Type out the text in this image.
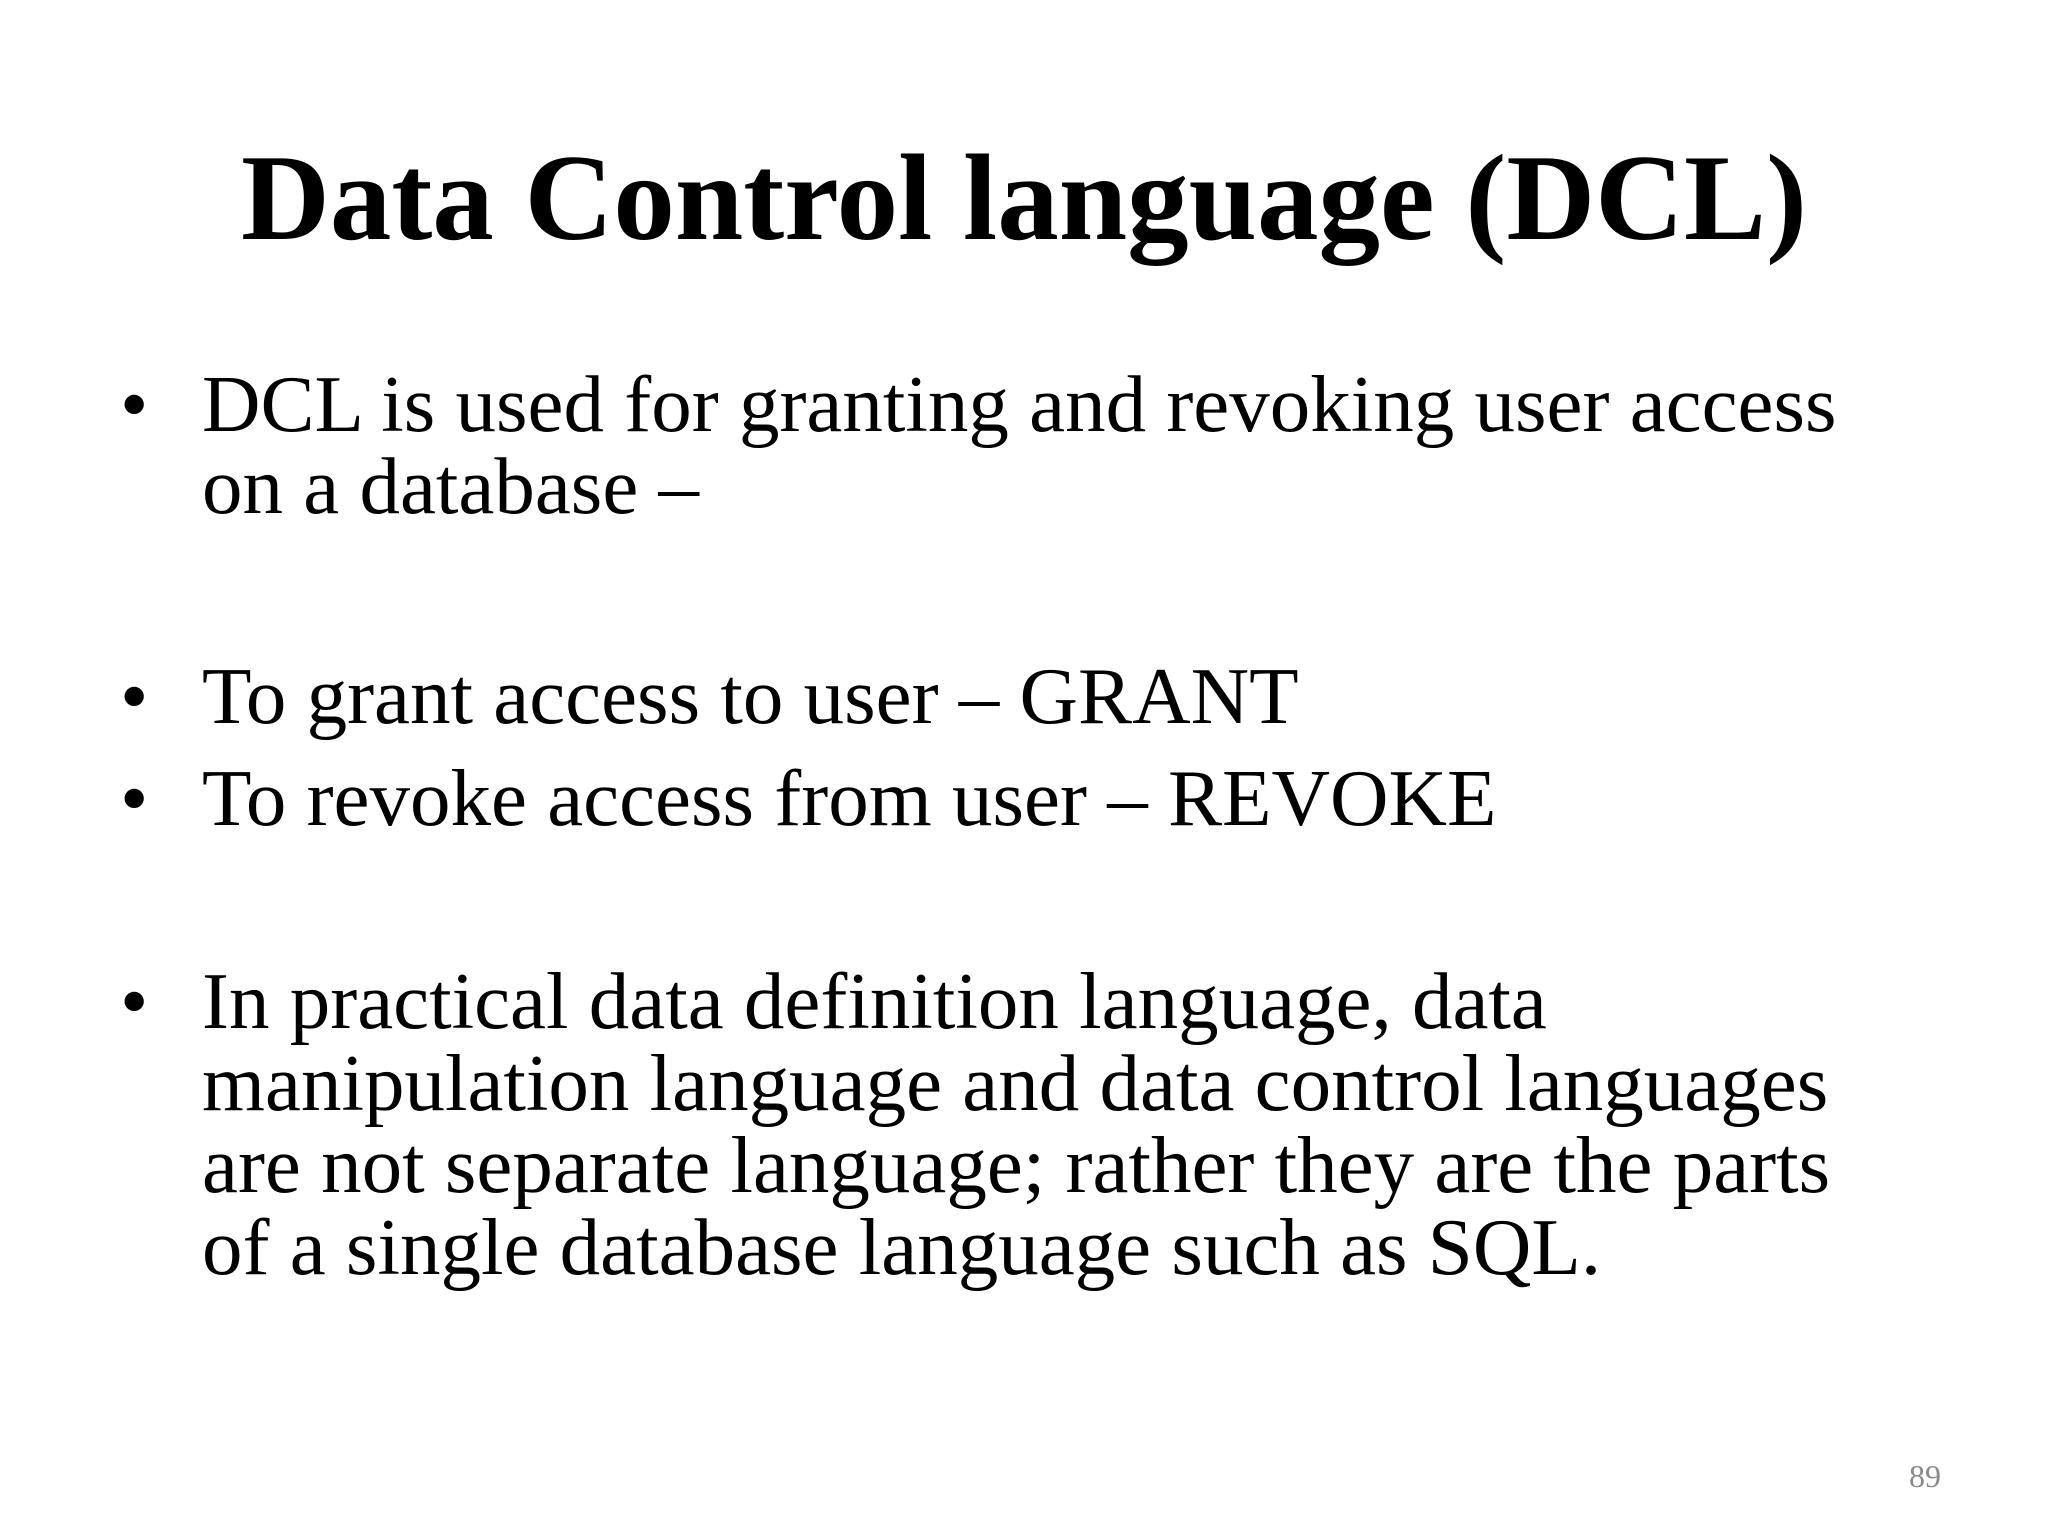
Data Control language (DCL)
• DCL is used for granting and revoking user access
on a database –
• To grant access to user – GRANT
• To revoke access from user – REVOKE
• In practical data definition language, data
manipulation language and data control languages
are not separate language; rather they are the parts
of a single database language such as SQL.
89
